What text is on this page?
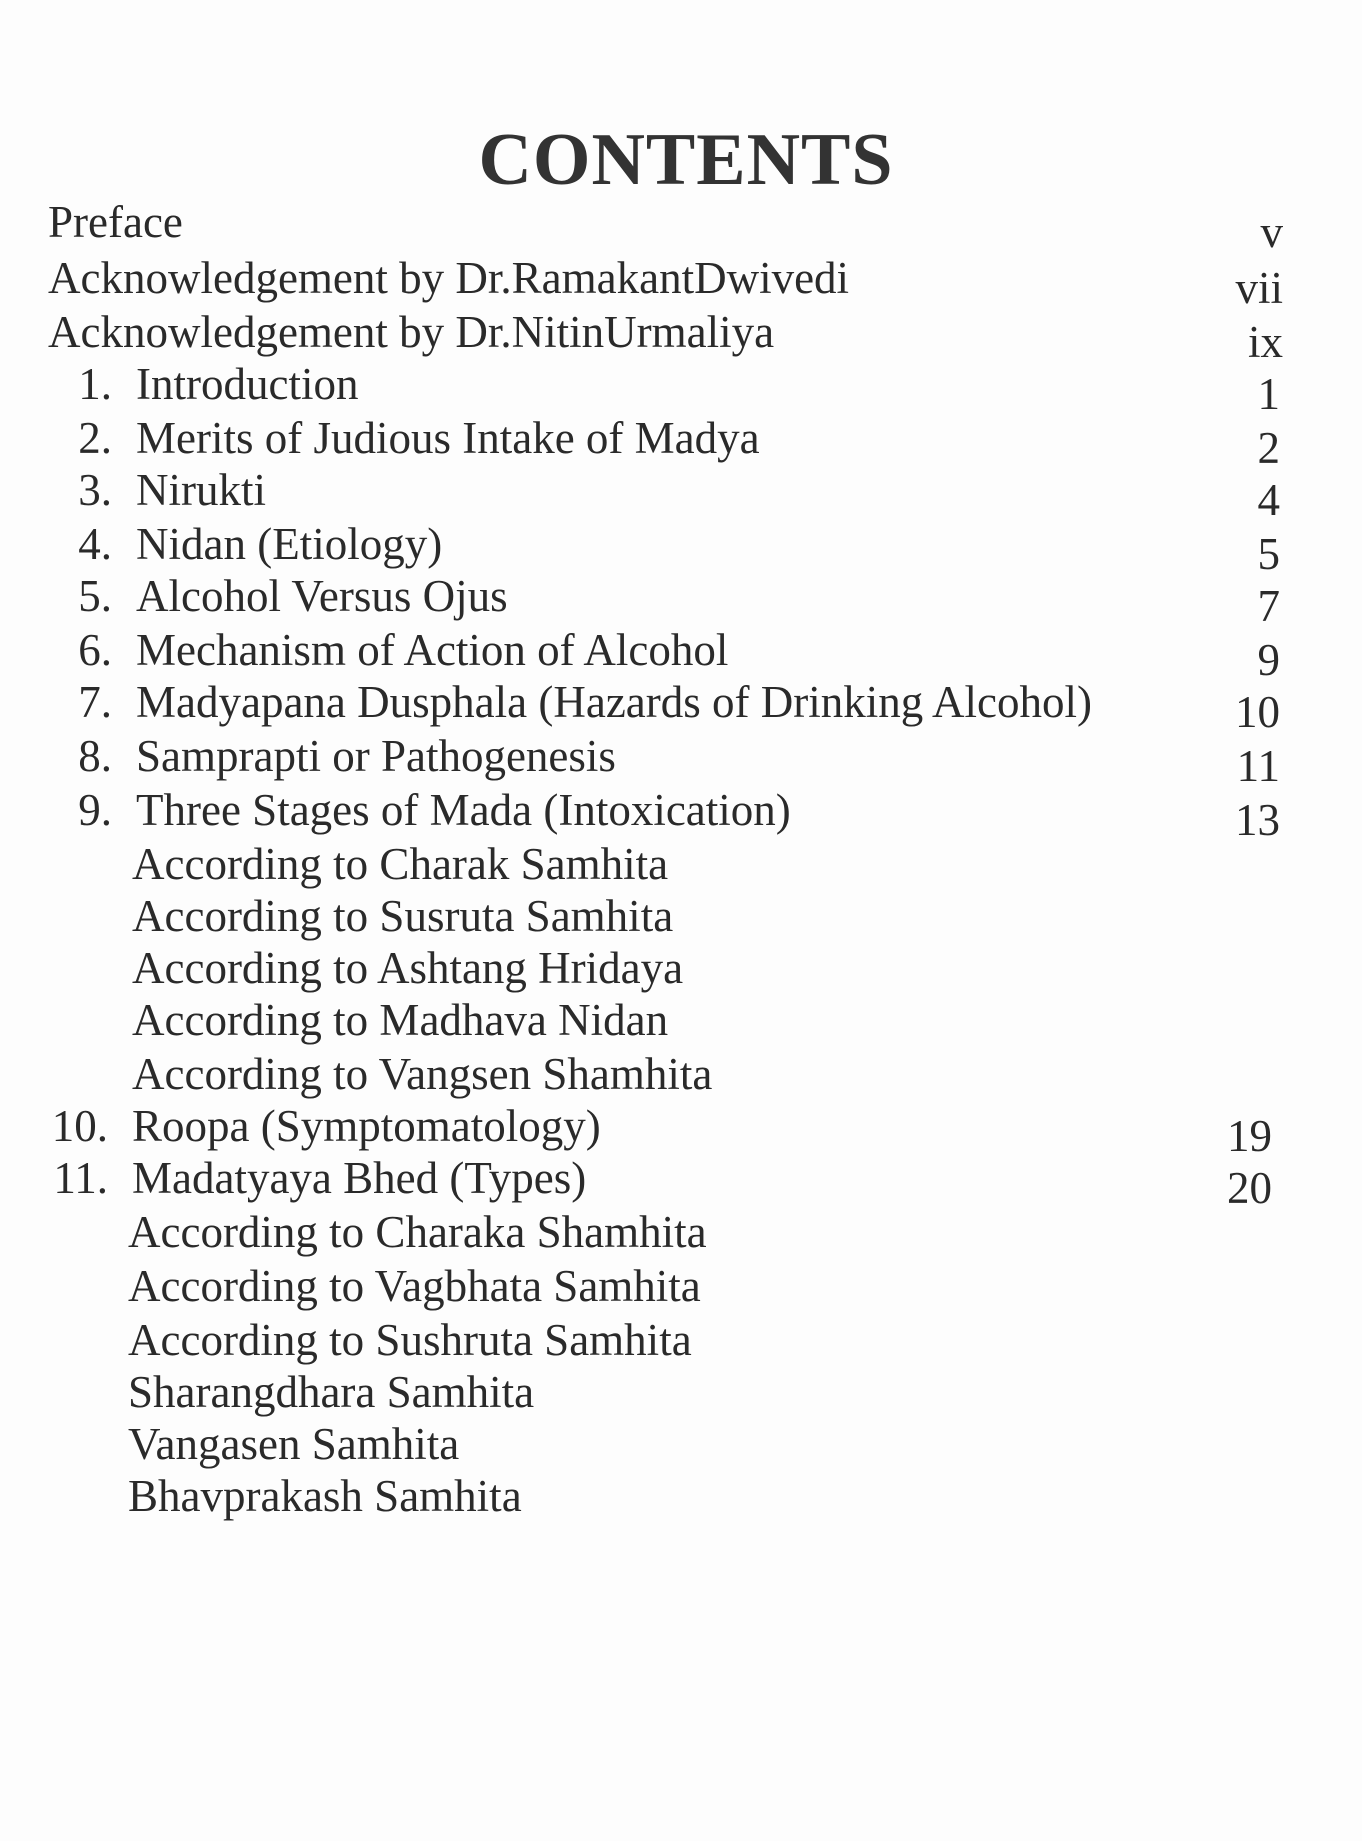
CONTENTS
Preface	v
Acknowledgement by Dr.RamakantDwivedi	vii
Acknowledgement by Dr.NitinUrmaliya	ix
1. Introduction	1
2. Merits of Judious Intake of Madya	2
3. Nirukti	4
4. Nidan (Etiology)	5
5. Alcohol Versus Ojus	7
6. Mechanism of Action of Alcohol	9
7. Madyapana Dusphala (Hazards of Drinking Alcohol)	10
8. Samprapti or Pathogenesis	11
9. Three Stages of Mada (Intoxication)	13
According to Charak Samhita
According to Susruta Samhita
According to Ashtang Hridaya
According to Madhava Nidan
According to Vangsen Shamhita
10. Roopa (Symptomatology)	19
11. Madatyaya Bhed (Types)	20
According to Charaka Shamhita
According to Vagbhata Samhita
According to Sushruta Samhita
Sharangdhara Samhita
Vangasen Samhita
Bhavprakash Samhita
